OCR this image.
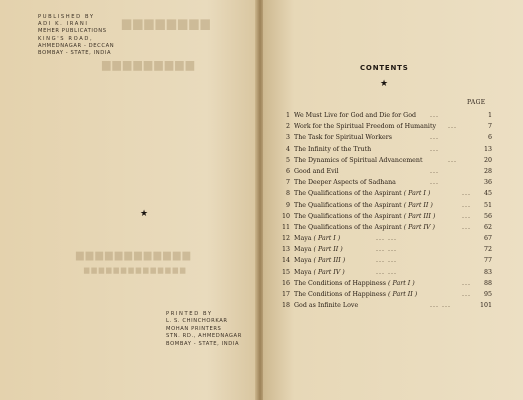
PUBLISHED BY
ADI K. IRANI
MEHER PUBLICATIONS
KING'S ROAD,
AHMEDNAGAR - DECCAN
BOMBAY - STATE, INDIA
▆▆▆▆▆▆▆▆
▆▆▆▆▆▆▆▆▆
▆▆▆▆▆▆▆▆▆▆▆▆
▆▆▆▆▆▆▆▆▆▆▆▆▆▆
★
PRINTED BY
L. S. CHINCHORKAR
MOHAN PRINTERS
STN. RD., AHMEDNAGAR
BOMBAY - STATE, INDIA
CONTENTS
★
PAGE
1 We Must Live for God and Die for God ...	1
2 Work for the Spiritual Freedom of Humanity ...	7
3 The Task for Spiritual Workers	...	6
4 The Infinity of the Truth	...	13
5 The Dynamics of Spiritual Advancement	...	20
6 Good and Evil	...	28
7 The Deeper Aspects of Sadhana	...	36
8 The Qualifications of the Aspirant ( Part I )	...	45
9 The Qualifications of the Aspirant ( Part II )	...	51
10 The Qualifications of the Aspirant ( Part III )	...	56
11 The Qualifications of the Aspirant ( Part IV )	...	62
12 Maya ( Part I )	... ...	67
13 Maya ( Part II )	... ...	72
14 Maya ( Part III )	... ...	77
15 Maya ( Part IV )	... ...	83
16 The Conditions of Happiness ( Part I )	...	88
17 The Conditions of Happiness ( Part II )	...	95
18 God as Infinite Love	... ...	101
